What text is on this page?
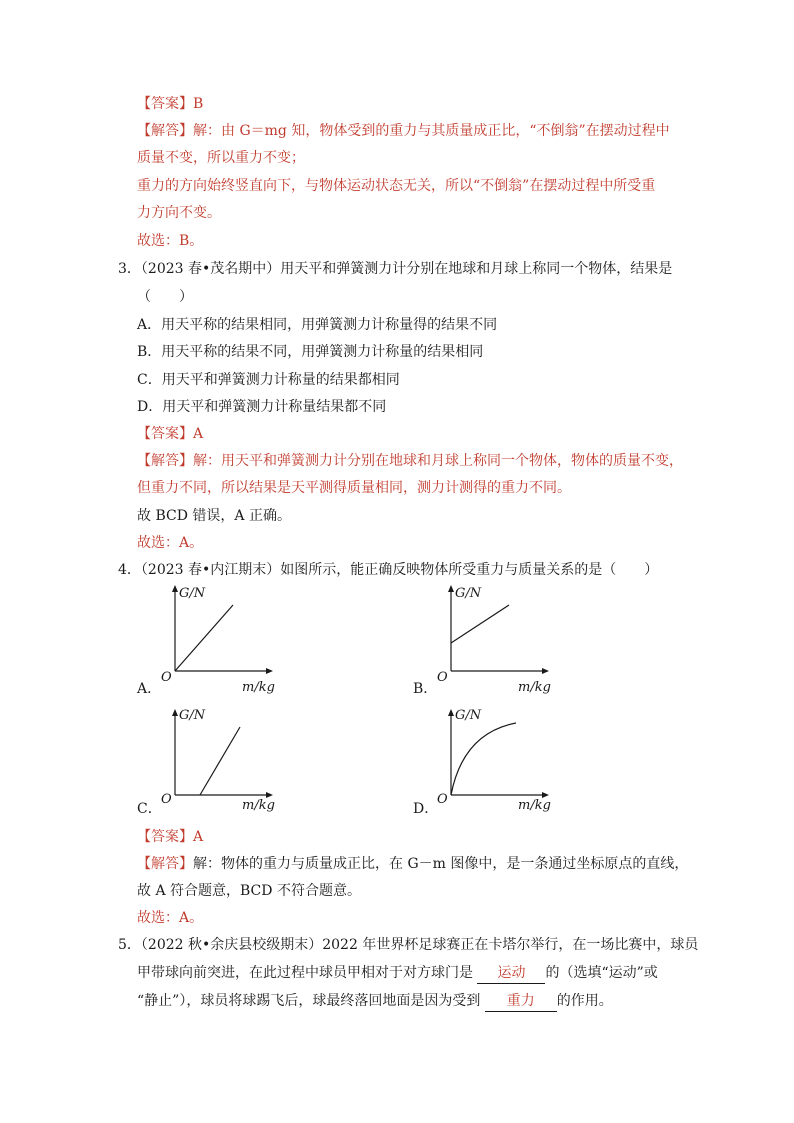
【答案】B
【解答】解：由 G＝mg 知，物体受到的重力与其质量成正比，“不倒翁”在摆动过程中
质量不变，所以重力不变；
重力的方向始终竖直向下，与物体运动状态无关，所以“不倒翁”在摆动过程中所受重
力方向不变。
故选：B。
3．（2023 春•茂名期中）用天平和弹簧测力计分别在地球和月球上称同一个物体，结果是
（　　）
A．用天平称的结果相同，用弹簧测力计称量得的结果不同
B．用天平称的结果不同，用弹簧测力计称量的结果相同
C．用天平和弹簧测力计称量的结果都相同
D．用天平和弹簧测力计称量结果都不同
【答案】A
【解答】解：用天平和弹簧测力计分别在地球和月球上称同一个物体，物体的质量不变，
但重力不同，所以结果是天平测得质量相同，测力计测得的重力不同。
故 BCD 错误，A 正确。
故选：A。
4．（2023 春•内江期末）如图所示，能正确反映物体所受重力与质量关系的是（　　）
G/N
O
m/kg
A．
G/N
O
m/kg
B．
G/N
O	m/kg
C．
G/N
O	m/kg
D．
【答案】A
【解答】解：物体的重力与质量成正比，在 G－m 图像中，是一条通过坐标原点的直线，
故 A 符合题意，BCD 不符合题意。
故选：A。
5．（2022 秋•余庆县校级期末）2022 年世界杯足球赛正在卡塔尔举行，在一场比赛中，球员
甲带球向前突进，在此过程中球员甲相对于对方球门是 运动 的（选填“运动”或
“静止”），球员将球踢飞后，球最终落回地面是因为受到 重力 的作用。
